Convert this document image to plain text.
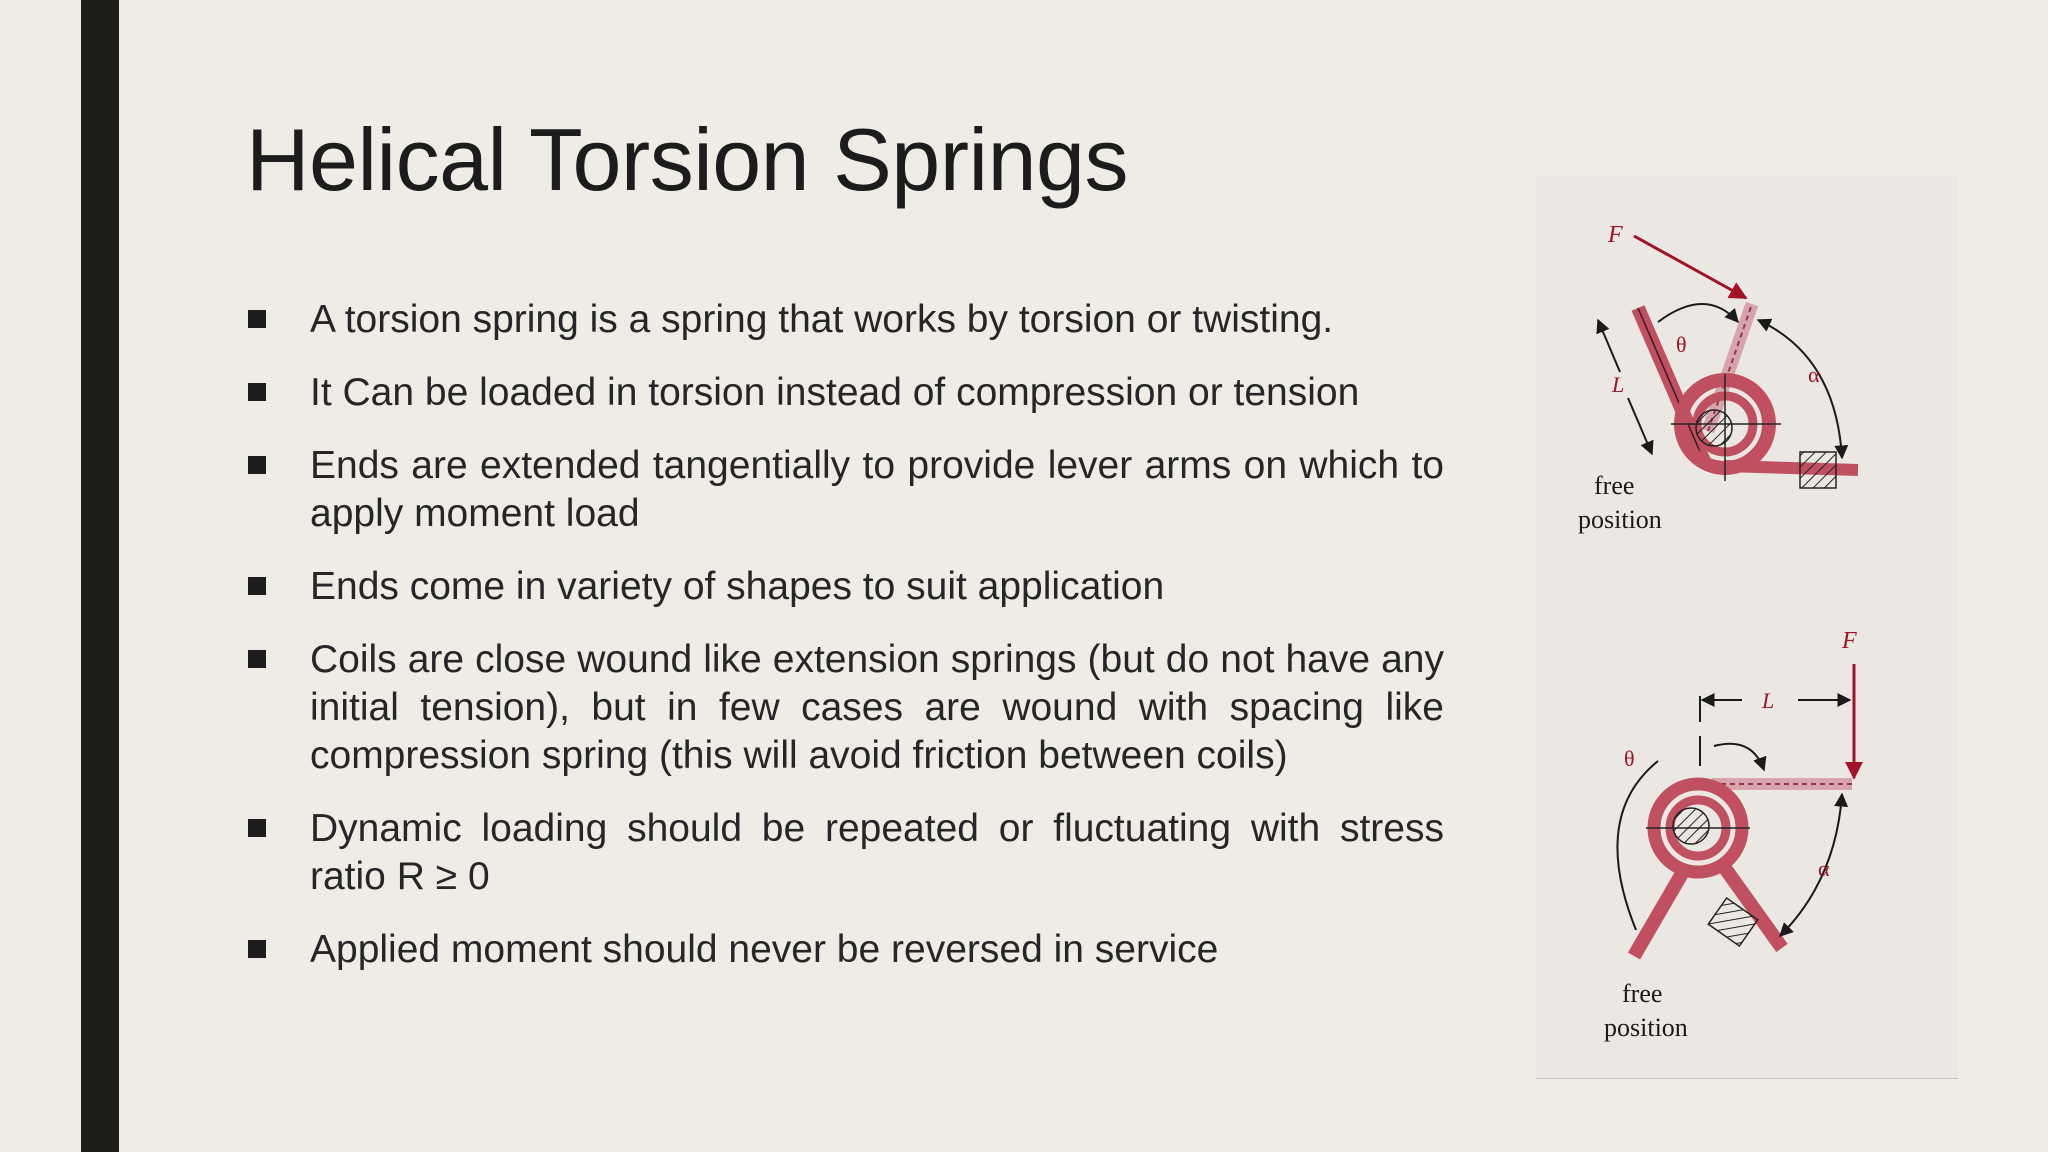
Helical Torsion Springs
A torsion spring is a spring that works by torsion or twisting.
It Can be loaded in torsion instead of compression or tension
Ends are extended tangentially to provide lever arms on which to apply moment load
Ends come in variety of shapes to suit application
Coils are close wound like extension springs (but do not have any initial tension), but in few cases are wound with spacing like compression spring (this will avoid friction between coils)
Dynamic loading should be repeated or fluctuating with stress ratio R ≥ 0
Applied moment should never be reversed in service
F
θ
α
L
free
position
F
L
θ
α
free
position
